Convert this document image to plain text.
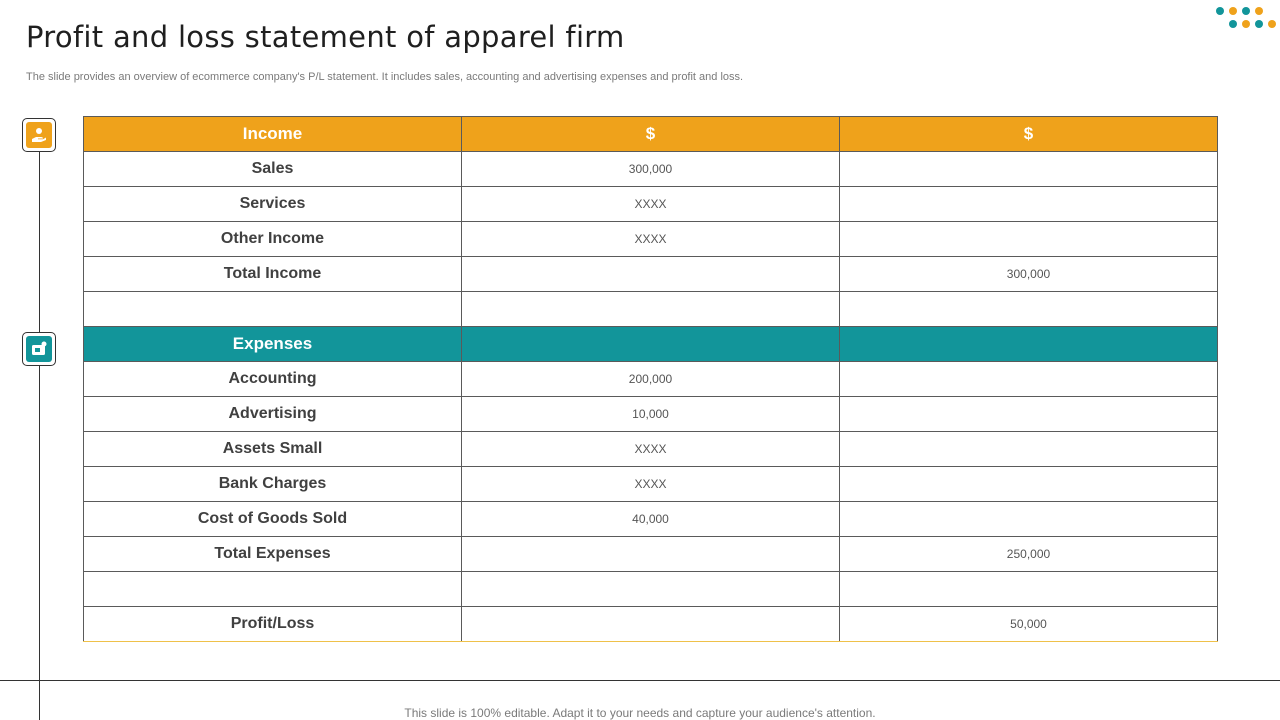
Profit and loss statement of apparel firm

The slide provides an overview of ecommerce company's P/L statement. It includes sales, accounting and advertising expenses and profit and loss.

Income	$	$
Sales	300,000	
Services	XXXX	
Other Income	XXXX	
Total Income		300,000

Expenses		
Accounting	200,000	
Advertising	10,000	
Assets Small	XXXX	
Bank Charges	XXXX	
Cost of Goods Sold	40,000	
Total Expenses		250,000

Profit/Loss		50,000

This slide is 100% editable. Adapt it to your needs and capture your audience's attention.
